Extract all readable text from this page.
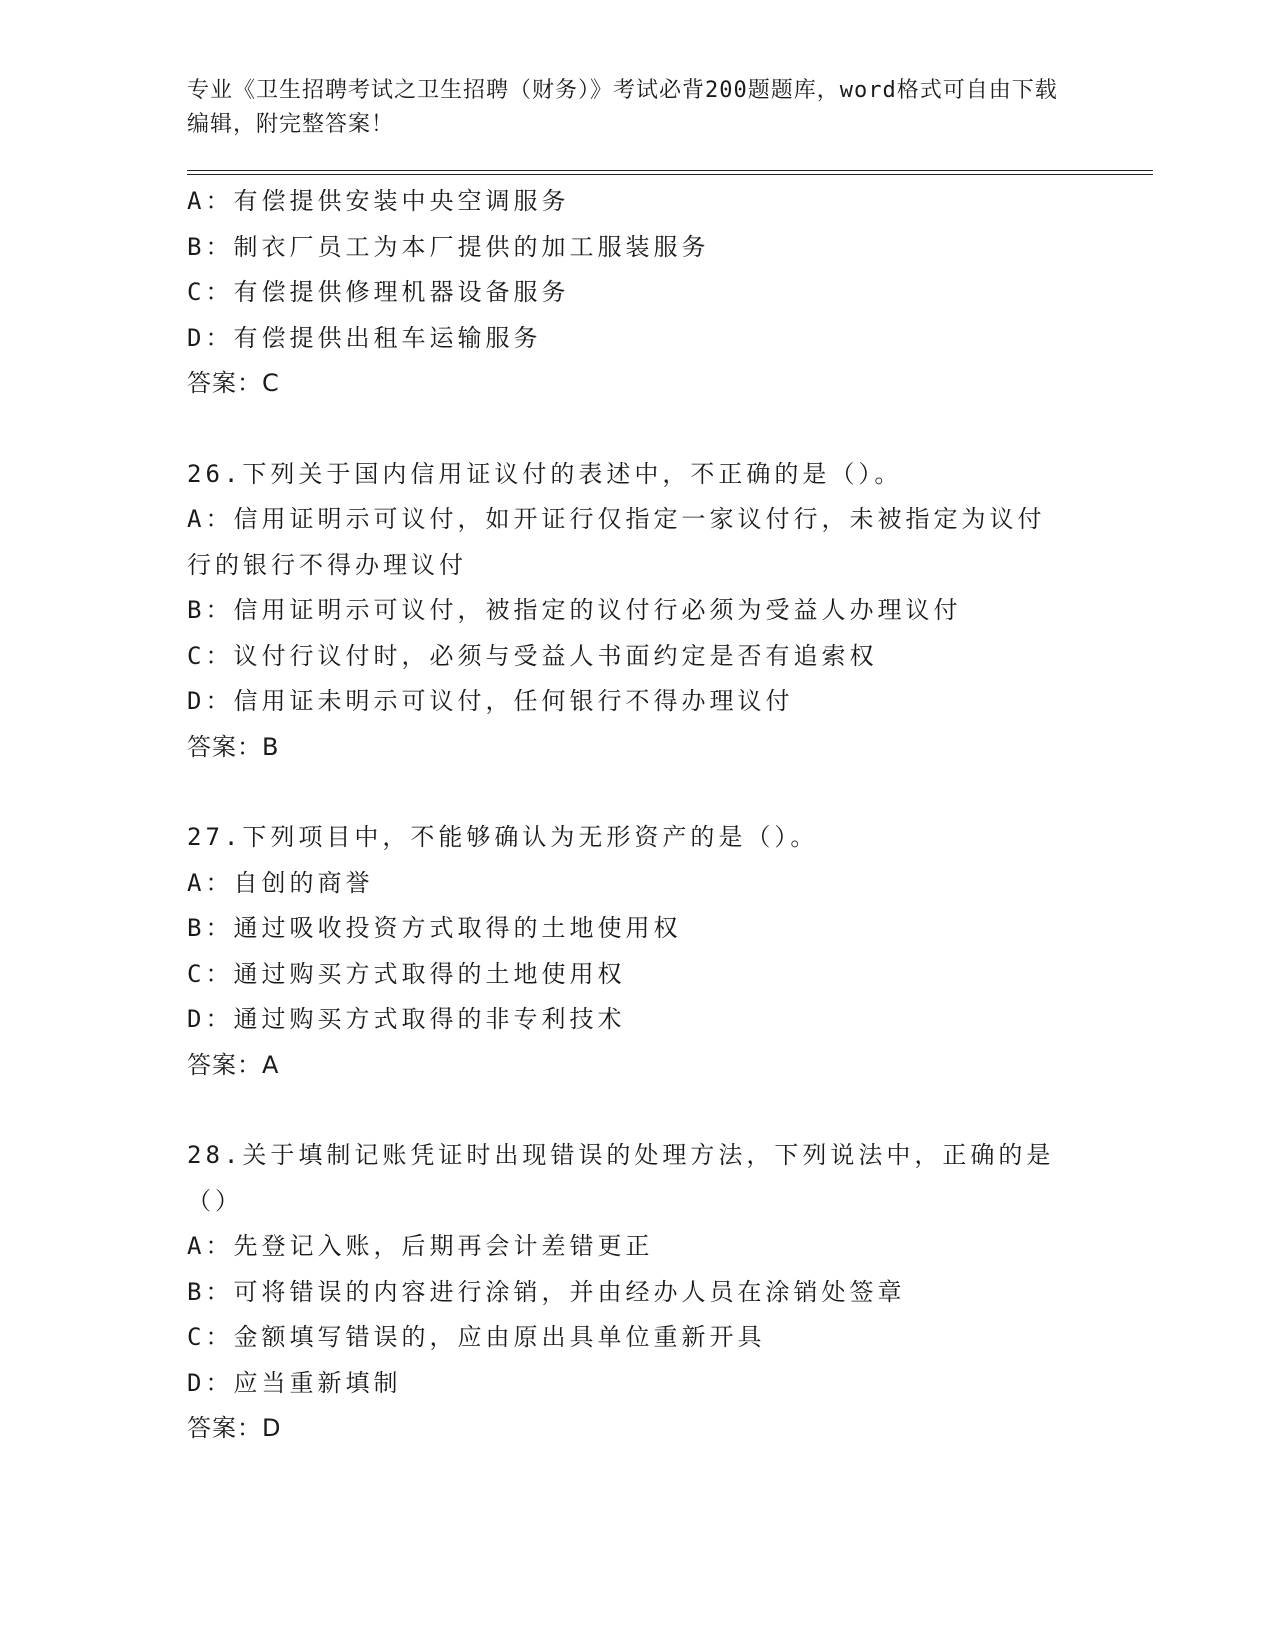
专业《卫生招聘考试之卫生招聘（财务）》考试必背200题题库，word格式可自由下载编辑，附完整答案！
A：有偿提供安装中央空调服务
B：制衣厂员工为本厂提供的加工服装服务
C：有偿提供修理机器设备服务
D：有偿提供出租车运输服务
答案：C
26.下列关于国内信用证议付的表述中，不正确的是（）。
A：信用证明示可议付，如开证行仅指定一家议付行，未被指定为议付行的银行不得办理议付
B：信用证明示可议付，被指定的议付行必须为受益人办理议付
C：议付行议付时，必须与受益人书面约定是否有追索权
D：信用证未明示可议付，任何银行不得办理议付
答案：B
27.下列项目中，不能够确认为无形资产的是（）。
A：自创的商誉
B：通过吸收投资方式取得的土地使用权
C：通过购买方式取得的土地使用权
D：通过购买方式取得的非专利技术
答案：A
28.关于填制记账凭证时出现错误的处理方法，下列说法中，正确的是（）
A：先登记入账，后期再会计差错更正
B：可将错误的内容进行涂销，并由经办人员在涂销处签章
C：金额填写错误的，应由原出具单位重新开具
D：应当重新填制
答案：D
